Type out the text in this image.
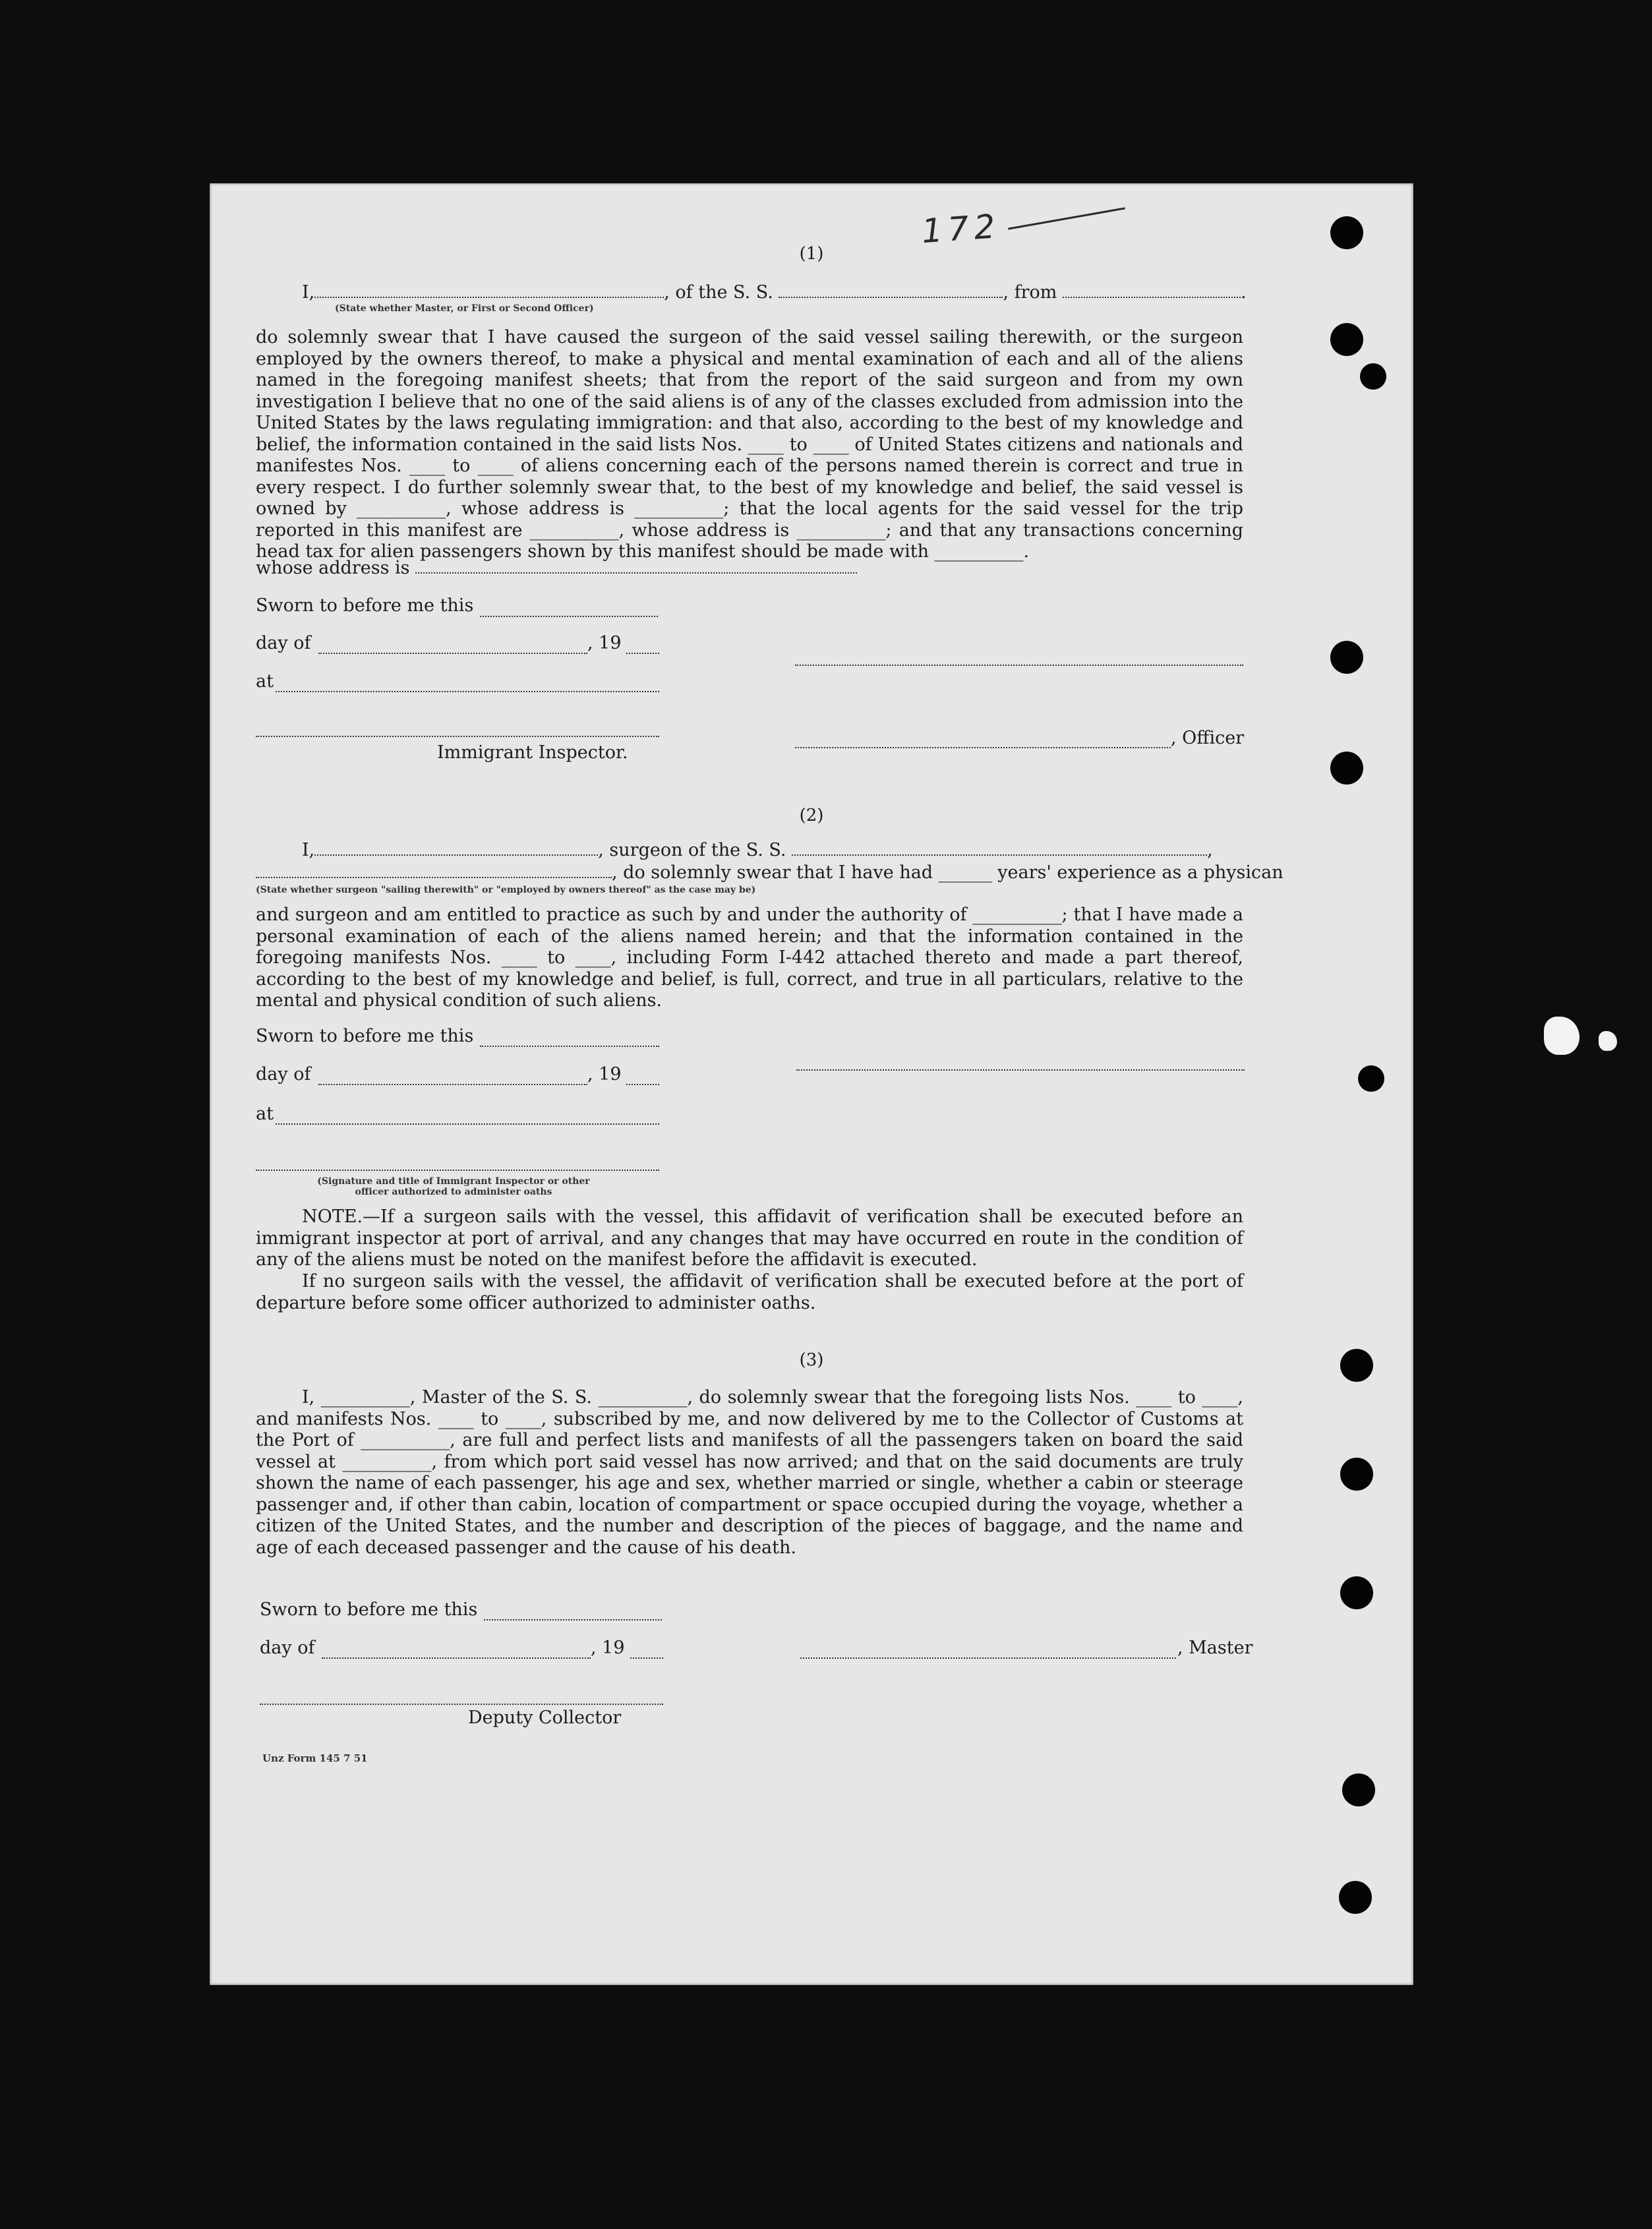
172
(1)
I,	, of the S. S.	, from	.
(State whether Master, or First or Second Officer)
do solemnly swear that I have caused the surgeon of the said vessel sailing therewith, or the surgeon employed by the owners thereof, to make a physical and mental examination of each and all of the aliens named in the foregoing manifest sheets; that from the report of the said surgeon and from my own investigation I believe that no one of the said aliens is of any of the classes excluded from admission into the United States by the laws regulating immigration: and that also, according to the best of my knowledge and belief, the information contained in the said lists Nos. ____ to ____ of United States citizens and nationals and manifestes Nos. ____ to ____ of aliens concerning each of the persons named therein is correct and true in every respect. I do further solemnly swear that, to the best of my knowledge and belief, the said vessel is owned by __________, whose address is __________; that the local agents for the said vessel for the trip reported in this manifest are __________, whose address is __________; and that any transactions concerning head tax for alien passengers shown by this manifest should be made with __________.
whose address is
Sworn to before me this
day of	, 19
at
Immigrant Inspector.
, Officer
(2)
I,	, surgeon of the S. S.	,
, do solemnly swear that I have had ______ years' experience as a physican
(State whether surgeon "sailing therewith" or "employed by owners thereof" as the case may be)
and surgeon and am entitled to practice as such by and under the authority of __________; that I have made a personal examination of each of the aliens named herein; and that the information contained in the foregoing manifests Nos. ____ to ____, including Form I-442 attached thereto and made a part thereof, according to the best of my knowledge and belief, is full, correct, and true in all particulars, relative to the mental and physical condition of such aliens.
Sworn to before me this
day of	, 19
at
(Signature and title of Immigrant Inspector or other officer authorized to administer oaths
NOTE.—If a surgeon sails with the vessel, this affidavit of verification shall be executed before an immigrant inspector at port of arrival, and any changes that may have occurred en route in the condition of any of the aliens must be noted on the manifest before the affidavit is executed.
If no surgeon sails with the vessel, the affidavit of verification shall be executed before at the port of departure before some officer authorized to administer oaths.
(3)
I, __________, Master of the S. S. __________, do solemnly swear that the foregoing lists Nos. ____ to ____, and manifests Nos. ____ to ____, subscribed by me, and now delivered by me to the Collector of Customs at the Port of __________, are full and perfect lists and manifests of all the passengers taken on board the said vessel at __________, from which port said vessel has now arrived; and that on the said documents are truly shown the name of each passenger, his age and sex, whether married or single, whether a cabin or steerage passenger and, if other than cabin, location of compartment or space occupied during the voyage, whether a citizen of the United States, and the number and description of the pieces of baggage, and the name and age of each deceased passenger and the cause of his death.
Sworn to before me this
day of	, 19	, Master
Deputy Collector
Unz Form 145 7 51
